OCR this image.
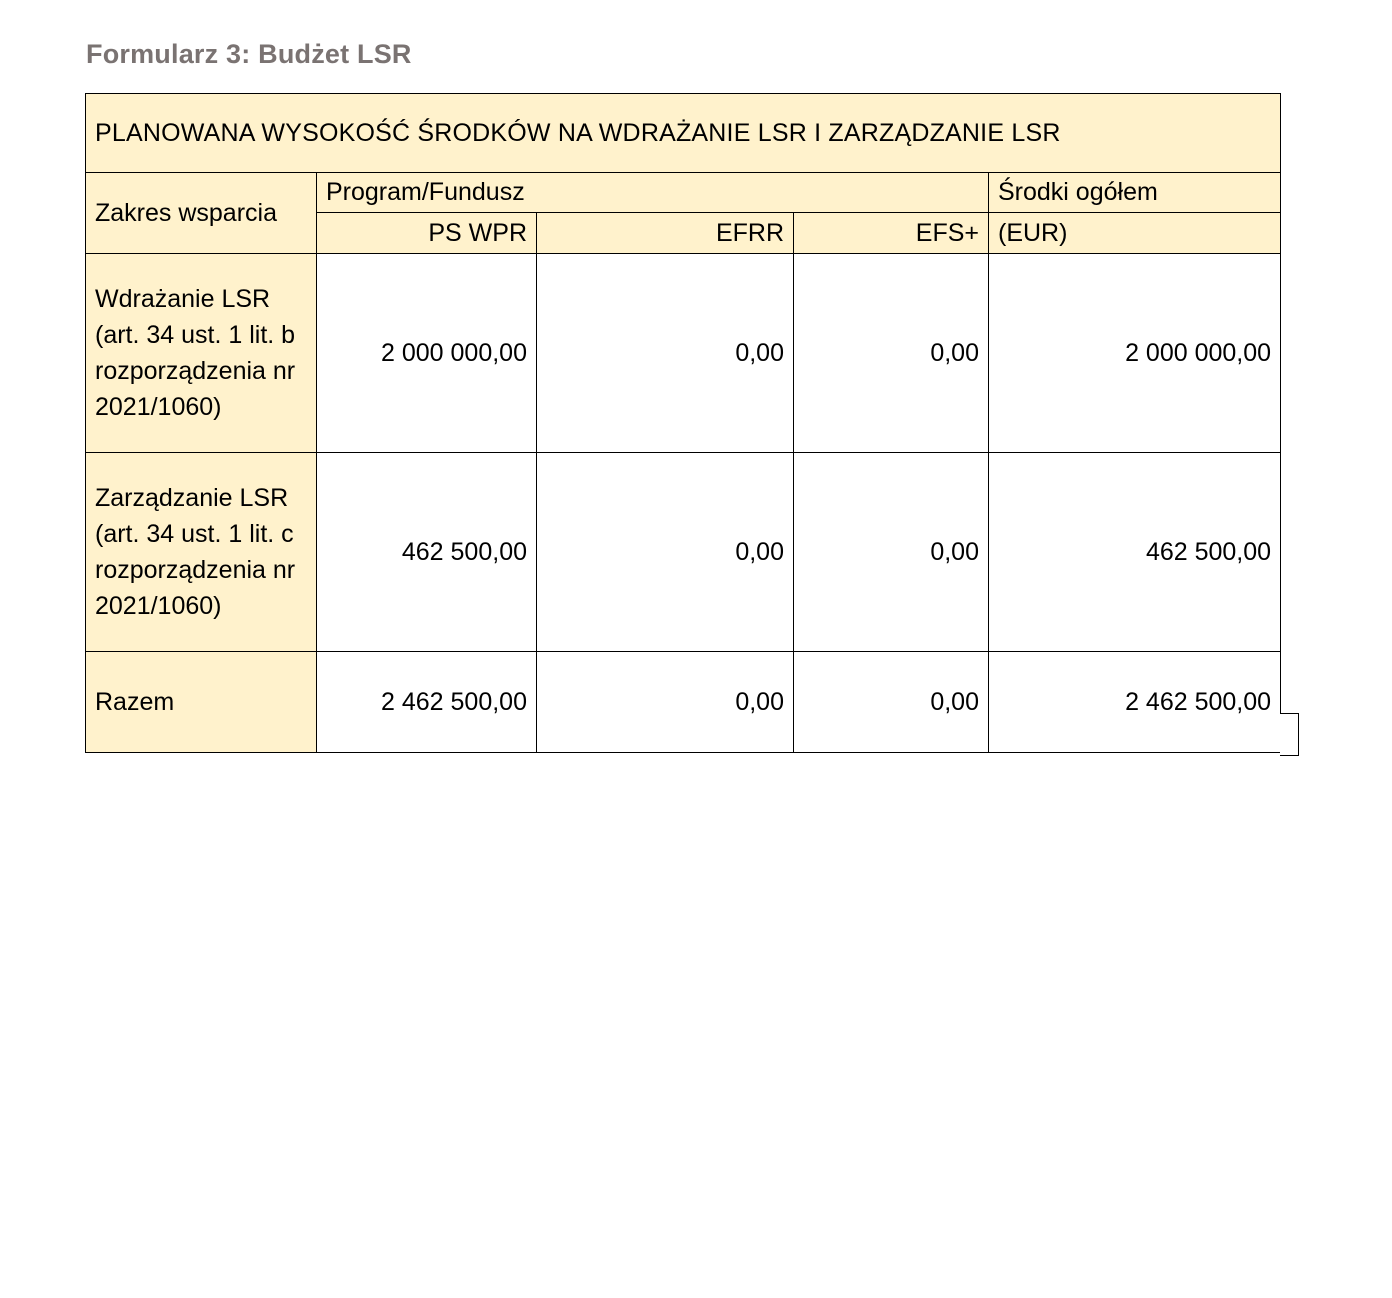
Formularz 3: Budżet LSR
PLANOWANA WYSOKOŚĆ ŚRODKÓW NA WDRAŻANIE LSR I ZARZĄDZANIE LSR				
Zakres wsparcia	Program/Fundusz			Środki ogółem
	PS WPR	EFRR	EFS+	(EUR)
Wdrażanie LSR (art. 34 ust. 1 lit. b rozporządzenia nr 2021/1060)	2 000 000,00	0,00	0,00	2 000 000,00
Zarządzanie LSR (art. 34 ust. 1 lit. c rozporządzenia nr 2021/1060)	462 500,00	0,00	0,00	462 500,00
Razem	2 462 500,00	0,00	0,00	2 462 500,00
